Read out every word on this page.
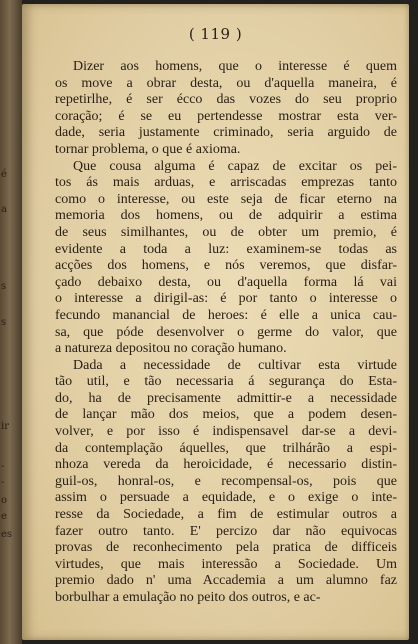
é
a
s
s
ir
-
-
o
e
es
( 119 )
Dizer aos homens, que o interesse é quem
os move a obrar desta, ou d'aquella maneira, é
repetirlhe, é ser écco das vozes do seu proprio
coração; é se eu pertendesse mostrar esta ver-
dade, seria justamente criminado, seria arguido de
tornar problema, o que é axioma.
Que cousa alguma é capaz de excitar os pei-
tos ás mais arduas, e arriscadas emprezas tanto
como o interesse, ou este seja de ficar eterno na
memoria dos homens, ou de adquirir a estima
de seus similhantes, ou de obter um premio, é
evidente a toda a luz: examinem-se todas as
acções dos homens, e nós veremos, que disfar-
çado debaixo desta, ou d'aquella forma lá vai
o interesse a dirigil-as: é por tanto o interesse o
fecundo manancial de heroes: é elle a unica cau-
sa, que póde desenvolver o germe do valor, que
a natureza depositou no coração humano.
Dada a necessidade de cultivar esta virtude
tão util, e tão necessaria á segurança do Esta-
do, ha de precisamente admittir-e a necessidade
de lançar mão dos meios, que a podem desen-
volver, e por isso é indispensavel dar-se a devi-
da contemplação áquelles, que trilhárão a espi-
nhoza vereda da heroicidade, é necessario distin-
guil-os, honral-os, e recompensal-os, pois que
assim o persuade a equidade, e o exige o inte-
resse da Sociedade, a fim de estimular outros a
fazer outro tanto. E' percizo dar não equivocas
provas de reconhecimento pela pratica de difficeis
virtudes, que mais interessão a Sociedade. Um
premio dado n' uma Accademia a um alumno faz
borbulhar a emulação no peito dos outros, e ac-
